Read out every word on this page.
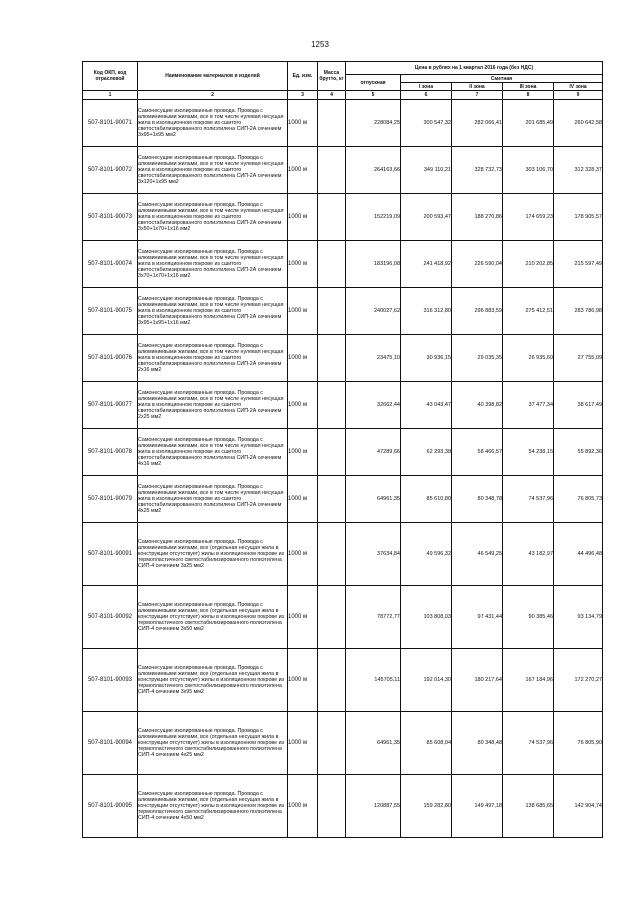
1253
Код ОКП, код отраслевой	Наименование материалов и изделий	Ед. изм.	Масса брутто, кг	Цена в рублях на 1 квартал 2016 года (без НДС)				
				отпускная	Сметная			
					I зона	II зона	III зона	IV зона
1	2	3	4	5	6	7	8	9
507-8101-90071	Самонесущие изолированные провода. Провода с алюминиевыми жилами, все в том числе нулевая несущая жила в изоляционном покрове из сшитого светостабилизированного полиэтилена СИП-2А сечением 3х95+1х95 мм2	1000 м		228084,25	300 547,32	282 066,41	201 685,49	260 642,58
507-8101-90072	Самонесущие изолированные провода. Провода с алюминиевыми жилами, все в том числе нулевая несущая жила в изоляционном покрове из сшитого светостабилизированного полиэтилена СИП-2А сечением 3х120+1х95 мм2	1000 м		264163,66	349 110,21	328 732,73	303 106,70	312 328,37
507-8101-90073	Самонесущие изолированные провода. Провода с алюминиевыми жилами, все в том числе нулевая несущая жила в изоляционном покрове из сшитого светостабилизированного полиэтилена СИП-2А сечением 3х50+1х70+1х16 мм2	1000 м		152219,09	200 593,47	188 270,86	174 659,23	178 905,57
507-8101-90074	Самонесущие изолированные провода. Провода с алюминиевыми жилами, все в том числе нулевая несущая жила в изоляционном покрове из сшитого светостабилизированного полиэтилена СИП-2А сечением 3х70+1х70+1х16 мм2	1000 м		183196,08	241 418,92	226 590,04	210 202,85	215 597,49
507-8101-90075	Самонесущие изолированные провода. Провода с алюминиевыми жилами, все в том числе нулевая несущая жила в изоляционном покрове из сшитого светостабилизированного полиэтилена СИП-2А сечением 3х95+1х95+1х16 мм2	1000 м		240027,62	316 312,80	296 883,59	275 412,51	283 786,98
507-8101-90076	Самонесущие изолированные провода. Провода с алюминиевыми жилами, все в том числе нулевая несущая жила в изоляционном покрове из сшитого светостабилизированного полиэтилена СИП-2А сечением 2х16 мм2	1000 м		23475,10	30 936,15	29 035,35	26 935,60	27 755,09
507-8101-90077	Самонесущие изолированные провода. Провода с алюминиевыми жилами, все в том числе нулевая несущая жила в изоляционном покрове из сшитого светостабилизированного полиэтилена СИП-2А сечением 2х25 мм2	1000 м		32662,44	43 043,47	40 398,82	37 477,34	38 617,49
507-8101-90078	Самонесущие изолированные провода. Провода с алюминиевыми жилами, все в том числе нулевая несущая жила в изоляционном покрове из сшитого светостабилизированного полиэтилена СИП-2А сечением 4х16 мм2	1000 м		47289,66	62 293,38	58 466,57	54 238,15	55 892,36
507-8101-90079	Самонесущие изолированные провода. Провода с алюминиевыми жилами, все в том числе нулевая несущая жила в изоляционном покрове из сшитого светостабилизированного полиэтилена СИП-2А сечением 4х25 мм2	1000 м		64961,35	85 610,80	80 348,78	74 537,96	76 805,73
507-8101-90091	Самонесущие изолированные провода. Провода с алюминиевыми жилами, все (отдельная несущая жила в конструкции отсутствует) жилы в изоляционном покрове из термопластичного светостабилизированного полиэтилена СИП-4 сечением 3х25 мм2	1000 м		37634,84	49 596,32	46 549,25	43 182,97	44 496,48
507-8101-90092	Самонесущие изолированные провода. Провода с алюминиевыми жилами, все (отдельная несущая жила в конструкции отсутствует) жилы в изоляционном покрове из термопластичного светостабилизированного полиэтилена СИП-4 сечением 3х50 мм2	1000 м		78772,77	103 808,03	97 431,44	90 385,46	93 134,79
507-8101-90093	Самонесущие изолированные провода. Провода с алюминиевыми жилами, все (отдельная несущая жила в конструкции отсутствует) жилы в изоляционном покрове из термопластичного светостабилизированного полиэтилена СИП-4 сечением 3х95 мм2	1000 м		145705,11	192 014,30	180 217,64	167 184,96	172 270,27
507-8101-90094	Самонесущие изолированные провода. Провода с алюминиевыми жилами, все (отдельная несущая жила в конструкции отсутствует) жилы в изоляционном покрове из термопластичного светостабилизированного полиэтилена СИП-4 сечением 4х25 мм2	1000 м		64961,35	85 608,04	80 348,48	74 537,96	76 805,90
507-8101-90095	Самонесущие изолированные провода. Провода с алюминиевыми жилами, все (отдельная несущая жила в конструкции отсутствует) жилы в изоляционном покрове из термопластичного светостабилизированного полиэтилена СИП-4 сечением 4х50 мм2	1000 м		120887,55	159 282,80	149 497,18	138 685,65	142 904,74
